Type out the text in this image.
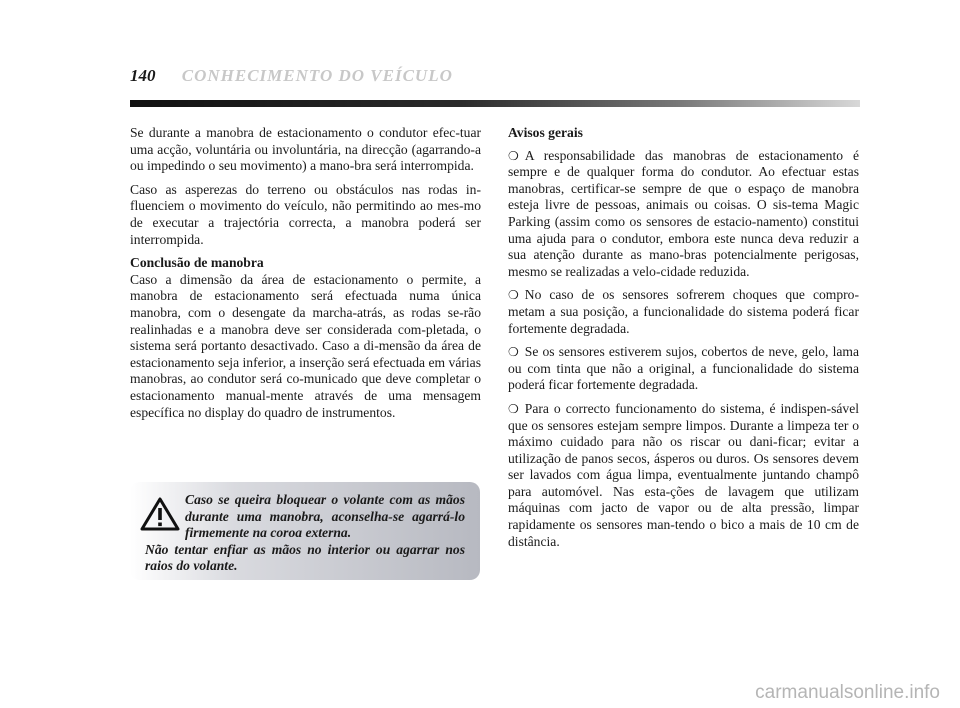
140 CONHECIMENTO DO VEÍCULO

Se durante a manobra de estacionamento o condutor efec-tuar uma acção, voluntária ou involuntária, na direcção (agarrando-a ou impedindo o seu movimento) a mano-bra será interrompida.

Caso as asperezas do terreno ou obstáculos nas rodas in-fluenciem o movimento do veículo, não permitindo ao mes-mo de executar a trajectória correcta, a manobra poderá ser interrompida.

Conclusão de manobra

Caso a dimensão da área de estacionamento o permite, a manobra de estacionamento será efectuada numa única manobra, com o desengate da marcha-atrás, as rodas se-rão realinhadas e a manobra deve ser considerada com-pletada, o sistema será portanto desactivado. Caso a di-mensão da área de estacionamento seja inferior, a inserção será efectuada em várias manobras, ao condutor será co-municado que deve completar o estacionamento manual-mente através de uma mensagem específica no display do quadro de instrumentos.

Caso se queira bloquear o volante com as mãos durante uma manobra, aconselha-se agarrá-lo firmemente na coroa externa.
Não tentar enfiar as mãos no interior ou agarrar nos raios do volante.
Avisos gerais

❍ A responsabilidade das manobras de estacionamento é sempre e de qualquer forma do condutor. Ao efectuar estas manobras, certificar-se sempre de que o espaço de manobra esteja livre de pessoas, animais ou coisas. O sis-tema Magic Parking (assim como os sensores de estacio-namento) constitui uma ajuda para o condutor, embora este nunca deva reduzir a sua atenção durante as mano-bras potencialmente perigosas, mesmo se realizadas a velo-cidade reduzida.

❍ No caso de os sensores sofrerem choques que compro-metam a sua posição, a funcionalidade do sistema poderá ficar fortemente degradada.

❍ Se os sensores estiverem sujos, cobertos de neve, gelo, lama ou com tinta que não a original, a funcionalidade do sistema poderá ficar fortemente degradada.

❍ Para o correcto funcionamento do sistema, é indispen-sável que os sensores estejam sempre limpos. Durante a limpeza ter o máximo cuidado para não os riscar ou dani-ficar; evitar a utilização de panos secos, ásperos ou duros. Os sensores devem ser lavados com água limpa, eventualmente juntando champô para automóvel. Nas esta-ções de lavagem que utilizam máquinas com jacto de vapor ou de alta pressão, limpar rapidamente os sensores man-tendo o bico a mais de 10 cm de distância.

carmanualsonline.info
